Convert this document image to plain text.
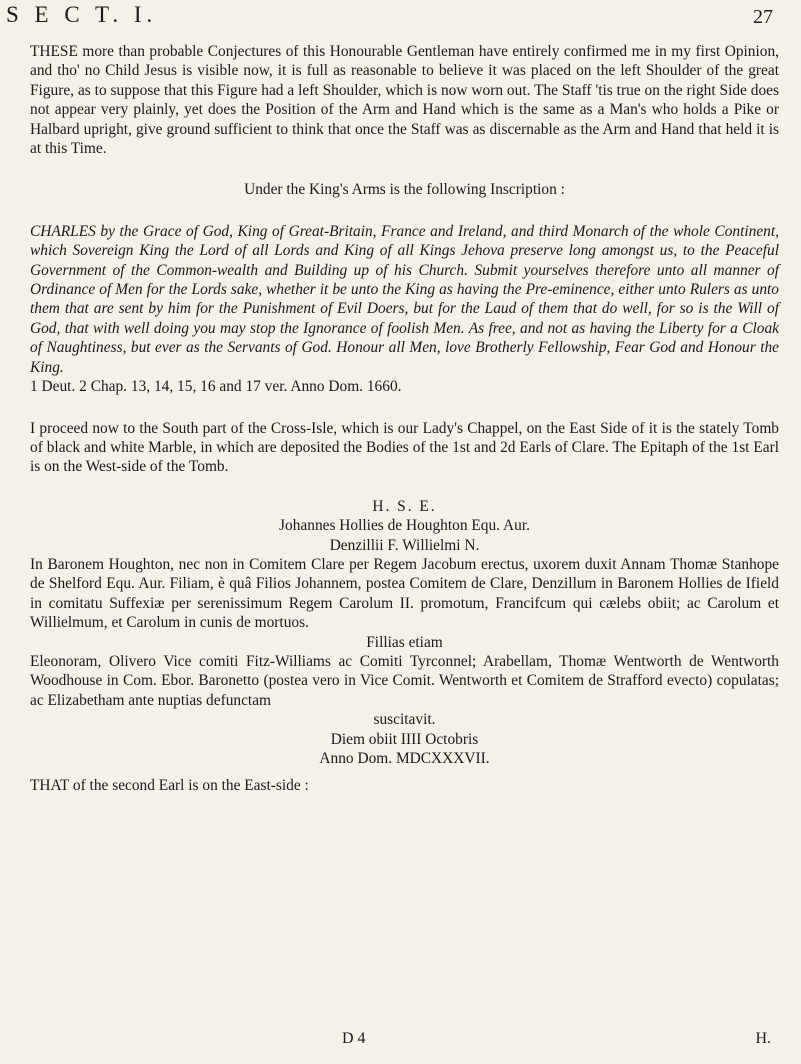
S E C T. I.	27

THESE more than probable Conjectures of this Honourable Gentleman have entirely confirmed me in my first Opinion, and tho' no Child Jesus is visible now, it is full as reasonable to believe it was placed on the left Shoulder of the great Figure, as to suppose that this Figure had a left Shoulder, which is now worn out. The Staff 'tis true on the right Side does not appear very plainly, yet does the Position of the Arm and Hand which is the same as a Man's who holds a Pike or Halbard upright, give ground sufficient to think that once the Staff was as discernable as the Arm and Hand that held it is at this Time.

Under the King's Arms is the following Inscription :

CHARLES by the Grace of God, King of Great-Britain, France and Ireland, and third Monarch of the whole Continent, which Sovereign King the Lord of all Lords and King of all Kings Jehova preserve long amongst us, to the Peaceful Government of the Common-wealth and Building up of his Church. Submit yourselves therefore unto all manner of Ordinance of Men for the Lords sake, whether it be unto the King as having the Pre-eminence, either unto Rulers as unto them that are sent by him for the Punishment of Evil Doers, but for the Laud of them that do well, for so is the Will of God, that with well doing you may stop the Ignorance of foolish Men. As free, and not as having the Liberty for a Cloak of Naughtiness, but ever as the Servants of God. Honour all Men, love Brotherly Fellowship, Fear God and Honour the King.

1 Deut. 2 Chap. 13, 14, 15, 16 and 17 ver. Anno Dom. 1660.

I proceed now to the South part of the Cross-Isle, which is our Lady's Chappel, on the East Side of it is the stately Tomb of black and white Marble, in which are deposited the Bodies of the 1st and 2d Earls of Clare. The Epitaph of the 1st Earl is on the West-side of the Tomb.

H. S. E.

Johannes Hollies de Houghton Equ. Aur.

Denzillii F. Willielmi N.

In Baronem Houghton, nec non in Comitem Clare per Regem Jacobum erectus, uxorem duxit Annam Thomæ Stanhope de Shelford Equ. Aur. Filiam, è quâ Filios Johannem, postea Comitem de Clare, Denzillum in Baronem Hollies de Ifield in comitatu Suffexiæ per serenissimum Regem Carolum II. promotum, Francifcum qui cælebs obiit; ac Carolum et Willielmum, et Carolum in cunis de mortuos.

Fillias etiam

Eleonoram, Olivero Vice comiti Fitz-Williams ac Comiti Tyrconnel; Arabellam, Thomæ Wentworth de Wentworth Woodhouse in Com. Ebor. Baronetto (postea vero in Vice Comit. Wentworth et Comitem de Strafford evecto) copulatas; ac Elizabetham ante nuptias defunctam

suscitavit.

Diem obiit IIII Octobris

Anno Dom. MDCXXXVII.

THAT of the second Earl is on the East-side :

D 4	H.
